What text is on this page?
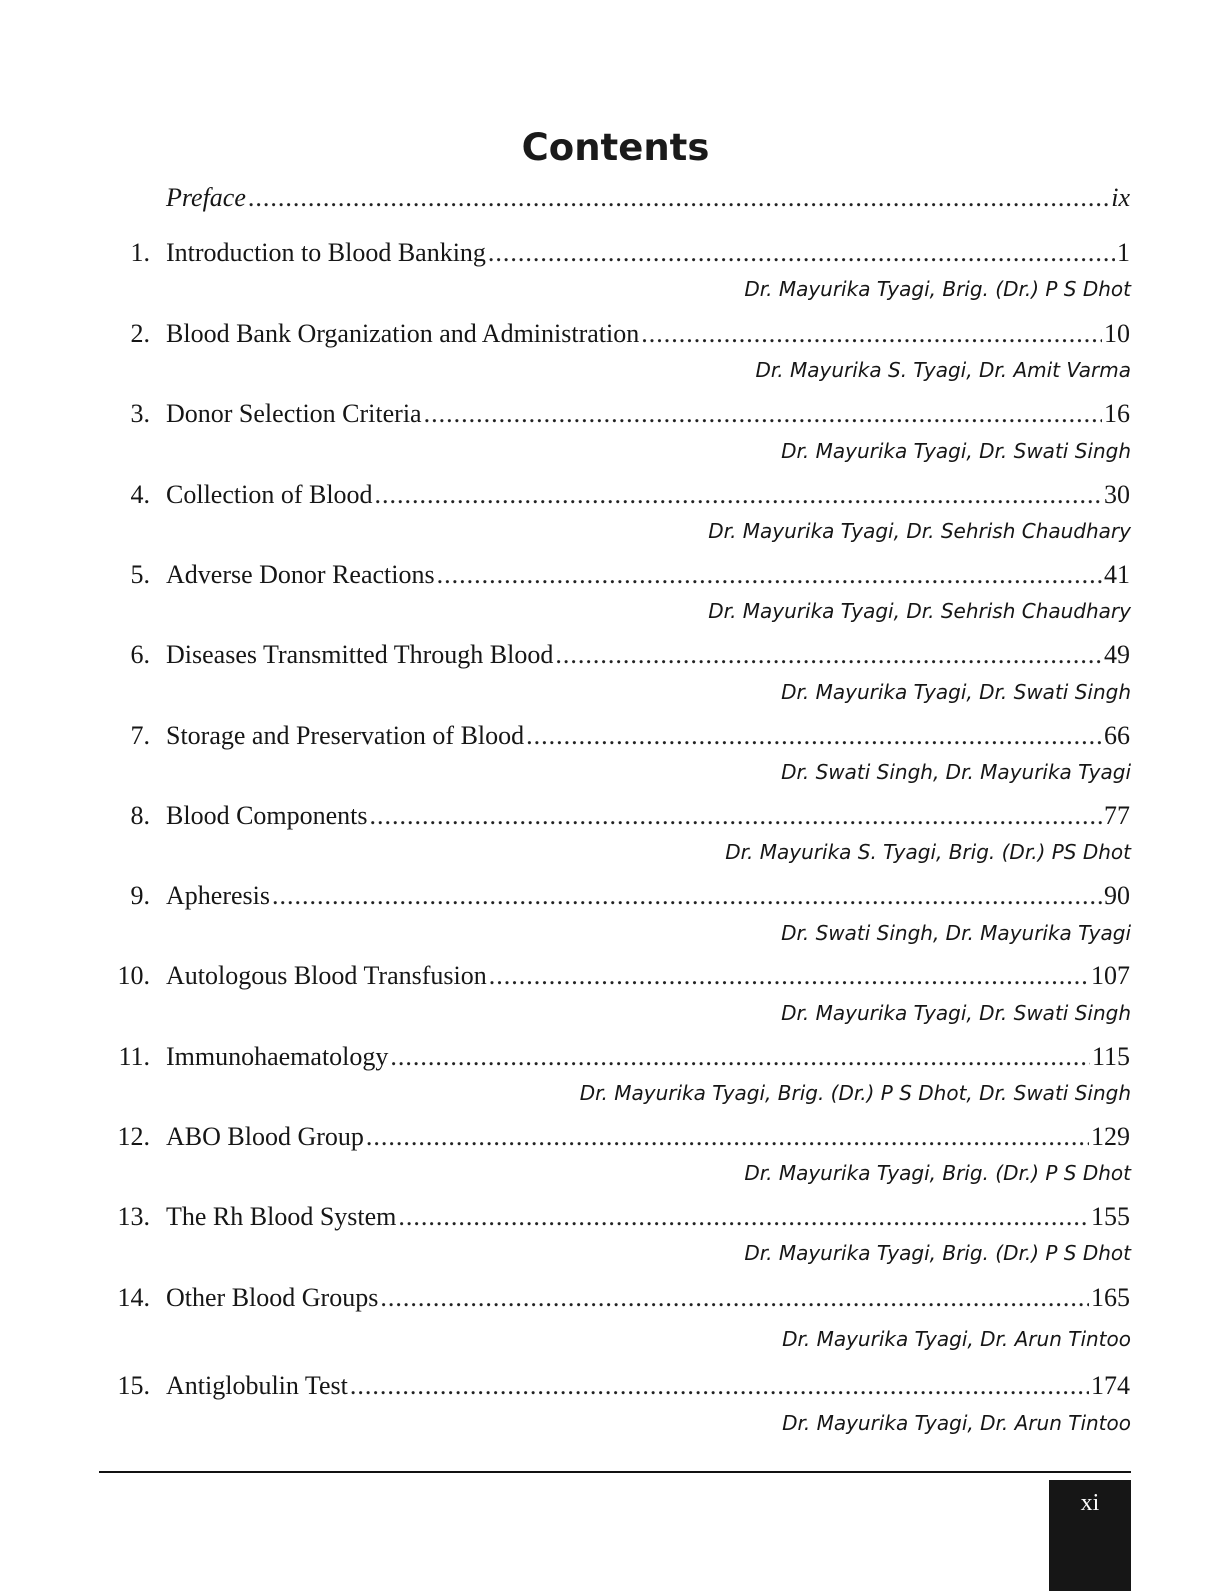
Contents
Preface .....	ix
1. Introduction to Blood Banking .....	1
Dr. Mayurika Tyagi, Brig. (Dr.) P S Dhot
2. Blood Bank Organization and Administration .....	10
Dr. Mayurika S. Tyagi, Dr. Amit Varma
3. Donor Selection Criteria .....	16
Dr. Mayurika Tyagi, Dr. Swati Singh
4. Collection of Blood .....	30
Dr. Mayurika Tyagi, Dr. Sehrish Chaudhary
5. Adverse Donor Reactions .....	41
Dr. Mayurika Tyagi, Dr. Sehrish Chaudhary
6. Diseases Transmitted Through Blood .....	49
Dr. Mayurika Tyagi, Dr. Swati Singh
7. Storage and Preservation of Blood .....	66
Dr. Swati Singh, Dr. Mayurika Tyagi
8. Blood Components .....	77
Dr. Mayurika S. Tyagi, Brig. (Dr.) PS Dhot
9. Apheresis .....	90
Dr. Swati Singh, Dr. Mayurika Tyagi
10. Autologous Blood Transfusion .....	107
Dr. Mayurika Tyagi, Dr. Swati Singh
11. Immunohaematology .....	115
Dr. Mayurika Tyagi, Brig. (Dr.) P S Dhot, Dr. Swati Singh
12. ABO Blood Group .....	129
Dr. Mayurika Tyagi, Brig. (Dr.) P S Dhot
13. The Rh Blood System .....	155
Dr. Mayurika Tyagi, Brig. (Dr.) P S Dhot
14. Other Blood Groups .....	165
Dr. Mayurika Tyagi, Dr. Arun Tintoo
15. Antiglobulin Test .....	174
Dr. Mayurika Tyagi, Dr. Arun Tintoo
xi
